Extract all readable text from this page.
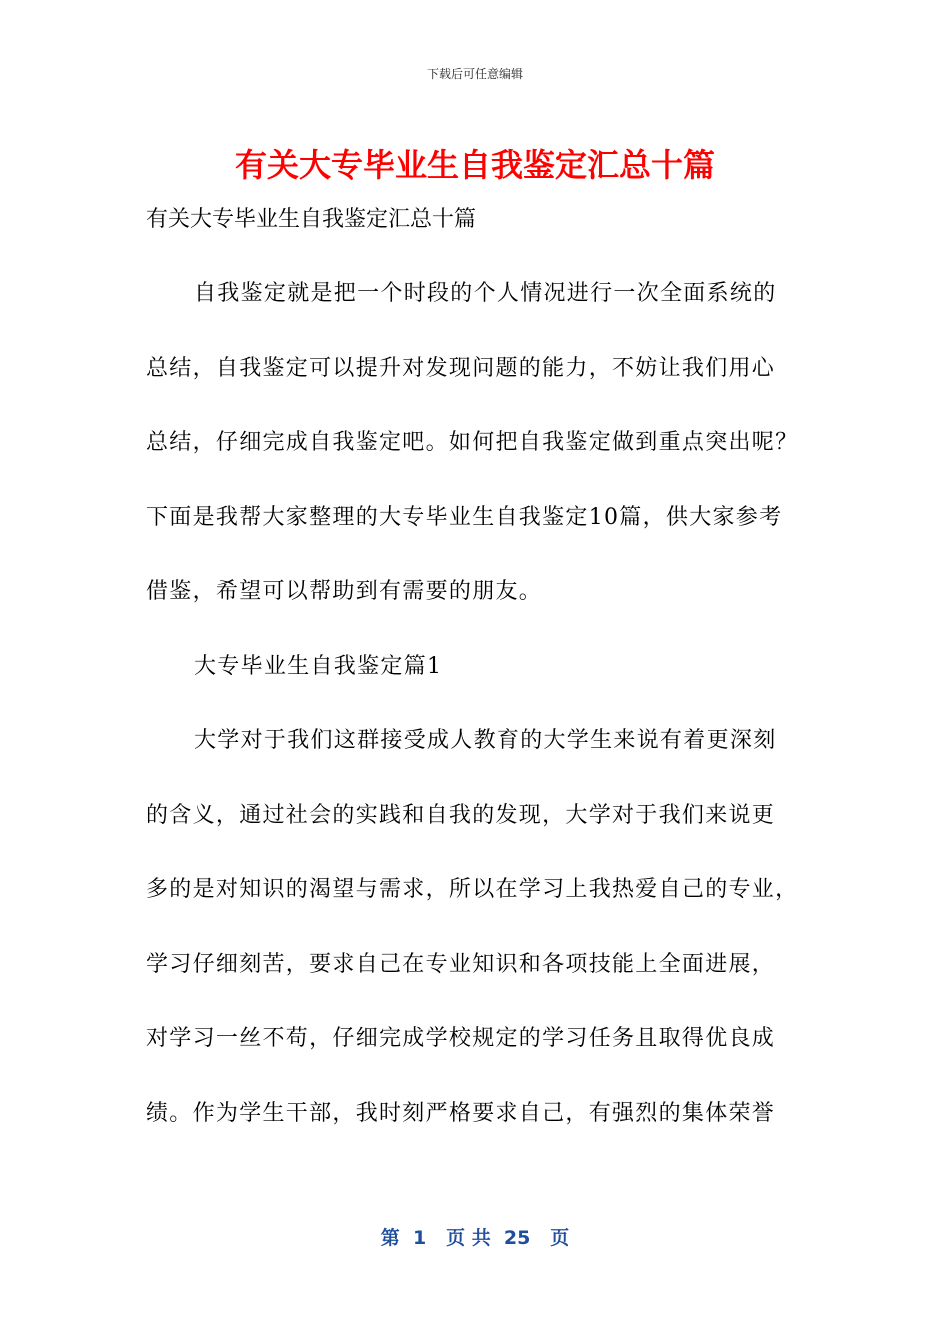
下载后可任意编辑
有关大专毕业生自我鉴定汇总十篇

有关大专毕业生自我鉴定汇总十篇

自我鉴定就是把一个时段的个人情况进行一次全面系统的
总结，自我鉴定可以提升对发现问题的能力，不妨让我们用心
总结，仔细完成自我鉴定吧。如何把自我鉴定做到重点突出呢？
下面是我帮大家整理的大专毕业生自我鉴定10篇，供大家参考
借鉴，希望可以帮助到有需要的朋友。
大专毕业生自我鉴定篇1
大学对于我们这群接受成人教育的大学生来说有着更深刻
的含义，通过社会的实践和自我的发现，大学对于我们来说更
多的是对知识的渴望与需求，所以在学习上我热爱自己的专业，
学习仔细刻苦，要求自己在专业知识和各项技能上全面进展，
对学习一丝不苟，仔细完成学校规定的学习任务且取得优良成
绩。作为学生干部，我时刻严格要求自己，有强烈的集体荣誉
第  1   页 共  25   页
